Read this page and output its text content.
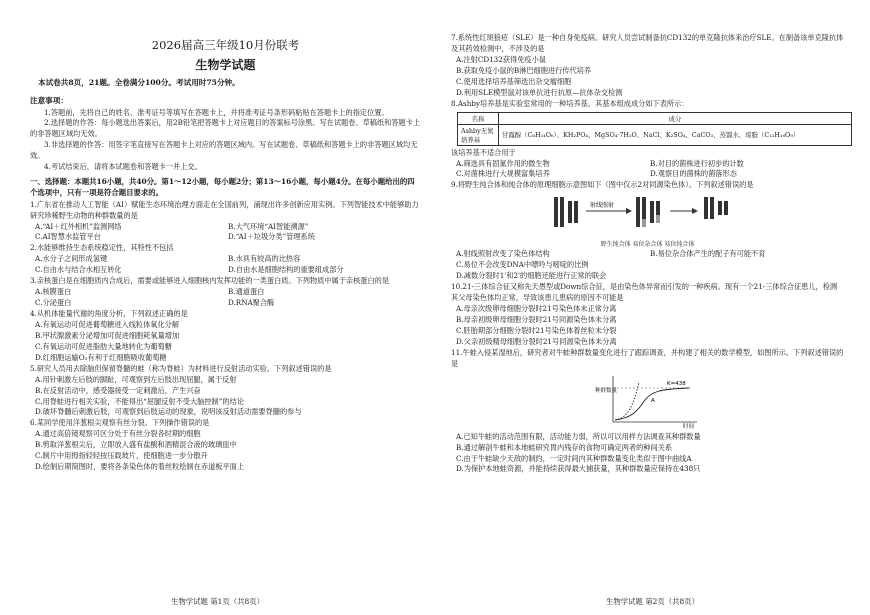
2026届高三年级10月份联考
生物学试题
本试卷共8页，21题。全卷满分100分。考试用时75分钟。
注意事项：

1.答题前，先将自己的姓名、准考证号等填写在答题卡上，并将准考证号条形码粘贴在答题卡上的指定位置。

2.选择题的作答：每小题选出答案后，用2B铅笔把答题卡上对应题目的答案标号涂黑。写在试题卷、草稿纸和答题卡上的非答题区域均无效。

3.非选择题的作答：用签字笔直接写在答题卡上对应的答题区域内。写在试题卷、草稿纸和答题卡上的非答题区域均无效。

4.考试结束后，请将本试题卷和答题卡一并上交。

一、选择题：本题共16小题，共40分。第1～12小题，每小题2分；第13～16小题，每小题4分。在每小题给出的四个选项中，只有一项是符合题目要求的。

1.广东省在推动人工智能（AI）赋能生态环境治理方面走在全国前列，涌现出许多创新应用实例。下列智能技术中能够助力研究珍稀野生动物的种群数量的是

A.“AI＋红外相机”监测网络	B.大气环境“AI智能溯源”
C.AI智慧水监管平台	D.“AI＋垃圾分类”管理系统

2.水能够维持生态系统稳定性，其特性不包括

A.水分子之间形成氢键	B.水具有较高的比热容
C.自由水与结合水相互转化	D.自由水是细胞结构的重要组成部分

3.亲核蛋白是在细胞质内合成后，需要或能够进入细胞核内发挥功能的一类蛋白质。下列物质中属于亲核蛋白的是

A.核膜蛋白	B.通道蛋白
C.分泌蛋白	D.RNA聚合酶

4.从机体能量代谢的角度分析，下列叙述正确的是

A.有氧运动可促进葡萄糖进入线粒体氧化分解
B.甲状腺激素分泌增加可促进细胞耗氧量增加
C.有氧运动可促进脂肪大量地转化为葡萄糖
D.红细胞运输O₂有利于红细胞吸收葡萄糖

5.研究人员用去除脑但保留脊髓的蛙（称为脊蛙）为材料进行反射活动实验。下列叙述错误的是

A.用针刺激左后肢的脚趾，可观察到左后肢出现屈腿，属于反射
B.在反射活动中，感受器接受一定刺激后，产生兴奋
C.用脊蛙进行相关实验，不能得出“屈腿反射不受大脑控制”的结论
D.破坏脊髓后刺激后肢，可观察到后肢运动的现象，说明该反射活动需要脊髓的参与

6.某同学使用洋葱根尖观察有丝分裂。下列操作错误的是

A.通过高倍镜观察可区分处于有丝分裂各时期的细胞
B.剪取洋葱根尖后，立即放入盛有盐酸和酒精混合液的玻璃皿中
C.制片中用拇指轻轻按压载玻片，使细胞进一步分散开
D.绘制后期简图时，要将各条染色体的着丝粒绘制在赤道板平面上
生物学试题 第1页（共8页）

7.系统性红斑狼疮（SLE）是一种自身免疫病。研究人员尝试制备抗CD132的单克隆抗体来治疗SLE。在制备该单克隆抗体及其药效检测中，不涉及的是

A.注射CD132获得免疫小鼠
B.获取免疫小鼠的B淋巴细胞进行传代培养
C.使用选择培养基筛选出杂交瘤细胞
D.利用SLE模型鼠对该单抗进行抗原—抗体杂交检测

8.Ashby培养基是实验室常用的一种培养基，其基本组成成分如下表所示：

名称	成分
Ashby无氮培养基	甘露醇（C₆H₁₄O₆）、KH₂PO₄、MgSO₄·7H₂O、NaCl、K₂SO₄、CaCO₃、蒸馏水、琼脂（C₁₂H₁₈O₉）

该培养基不适合用于

A.筛选具有固氮作用的微生物	B.对目的菌株进行初步的计数
C.对菌株进行大规模富集培养	D.观察目的菌株的菌落形态

9.将野生纯合体和纯合体的原理细胞示意图如下（图中仅示2对同源染色体）。下列叙述错误的是

射线照射
野生纯合体 易位杂合体 易位纯合体
A.射线照射改变了染色体结构	B.易位杂合体产生的配子有可能不育
C.易位不会改变DNA中嘌呤与嘧啶的比例
D.减数分裂时1'和2'的细胞还能进行正常的联会

10.21-三体综合征又称先天愚型或Down综合征，是由染色体异常而引发的一种疾病。现有一个21-三体综合征患儿，检测其父母染色体均正常，导致该患儿患病的原因不可能是

A.母亲次级卵母细胞分裂时21号染色体未正常分离
B.母亲初级卵母细胞分裂时21号同源染色体未分离
C.胚胎期部分细胞分裂时21号染色体着丝粒未分裂
D.父亲初级精母细胞分裂时21号同源染色体未分离

11.牛蛙入侵某湿地后，研究者对牛蛙种群数量变化进行了跟踪调查，并构建了相关的数学模型，如图所示。下列叙述错误的是

种群数量
K=438
时间
A
A.已知牛蛙的活动范围有限，活动能力弱，所以可以用样方法调查其种群数量
B.通过解剖牛蛙和本地蛙研究胃内残存的食物可确定两者的种间关系
C.由于牛蛙缺少天敌的制约，一定时间内其种群数量变化类似于图中曲线A
D.为保护本地蛙资源，并能持续获得最大捕获量，其种群数量应保持在438只
生物学试题 第2页（共8页）
